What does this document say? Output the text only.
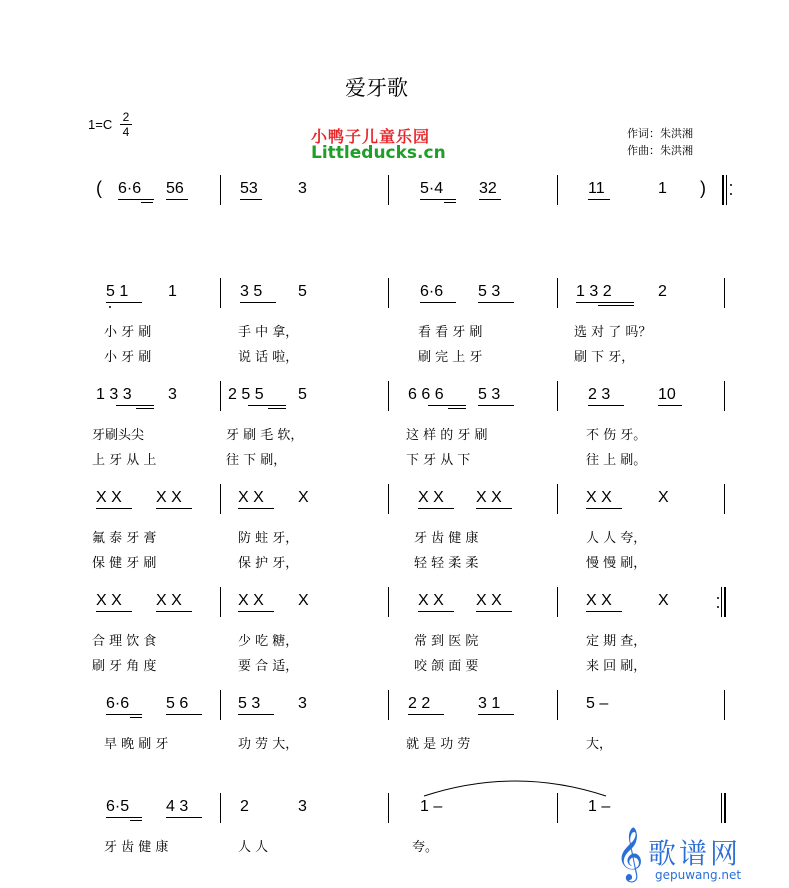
爱牙歌
1=C 2
4	小鸭子儿童乐园
Littleducks.cn
作词：朱洪湘
作曲：朱洪湘
( 6·6 56	53	3	5·4 32	11	1 )
5 1 1	3 5 5	6·6 5 3	1 3 2	2
小 牙 刷	手 中 拿，	看 看 牙 刷	选 对 了 吗？
小 牙 刷	说 话 啦，	刷 完 上 牙	刷 下 牙，
1 3 3 3	2 5 5 5	6 6 6 5 3	2 3	10
牙刷头尖	牙 刷 毛 软，	这 样 的 牙 刷	不 伤 牙。
上 牙 从 上	往 下 刷，	下 牙 从 下	往 上 刷。
X X X X	X X X	X X X X	X X	X
氟 泰 牙 膏	防 蛀 牙，	牙 齿 健 康	人 人 夸，
保 健 牙 刷	保 护 牙，	轻 轻 柔 柔	慢 慢 刷，
X X X X	X X X	X X X X	X X	X
合 理 饮 食	少 吃 糖，	常 到 医 院	定 期 查，
刷 牙 角 度	要 合 适，	咬 颌 面 要	来 回 刷，
6·6 5 6	5 3 3	2 2	3 1	5 –
早 晚 刷 牙	功 劳 大，	就 是 功 劳	大，
6·5 4 3	2	3	1 –	1 –
牙 齿 健 康	人 人	夸。	𝄞 歌谱网
gepuwang.net
